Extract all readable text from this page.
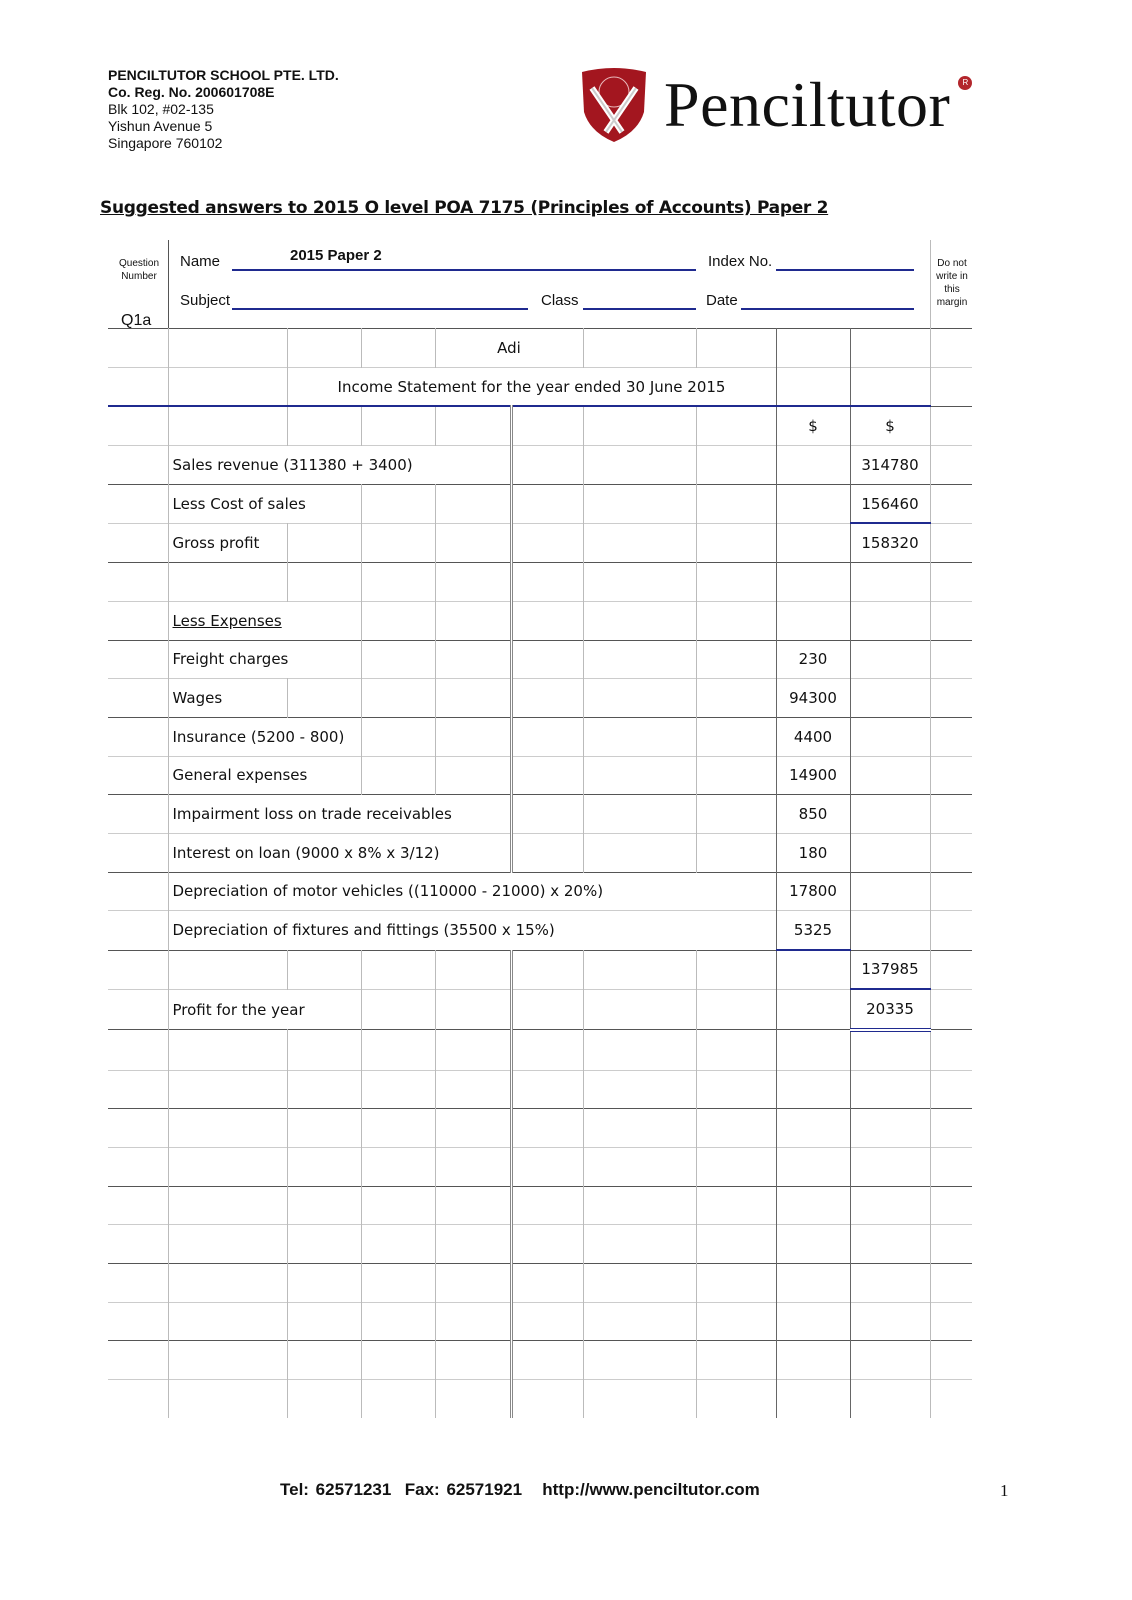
PENCILTUTOR SCHOOL PTE. LTD.
Co. Reg. No. 200601708E
Blk 102, #02-135
Yishun Avenue 5
Singapore 760102
Penciltutor	R
Suggested answers to 2015 O level POA 7175 (Principles of Accounts) Paper 2
Question Number
Q1a
Name	2015 Paper 2	Index No.
Subject	Class	Date
Do not write in this margin
				Adi						
		Income Statement for the year ended 30 June 2015								
								$	$	
	Sales revenue (311380 + 3400)								314780	
	Less Cost of sales								156460	
	Gross profit								158320	

	Less Expenses									
	Freight charges							230		
	Wages							94300		
	Insurance (5200 - 800)							4400		
	General expenses							14900		
	Impairment loss on trade receivables							850		
	Interest on loan (9000 x 8% x 3/12)							180		
	Depreciation of motor vehicles ((110000 - 21000) x 20%)							17800		
	Depreciation of fixtures and fittings (35500 x 15%)							5325		
									137985	
	Profit for the year								20335	

Tel: 62571231  Fax: 62571921   http://www.penciltutor.com	1
